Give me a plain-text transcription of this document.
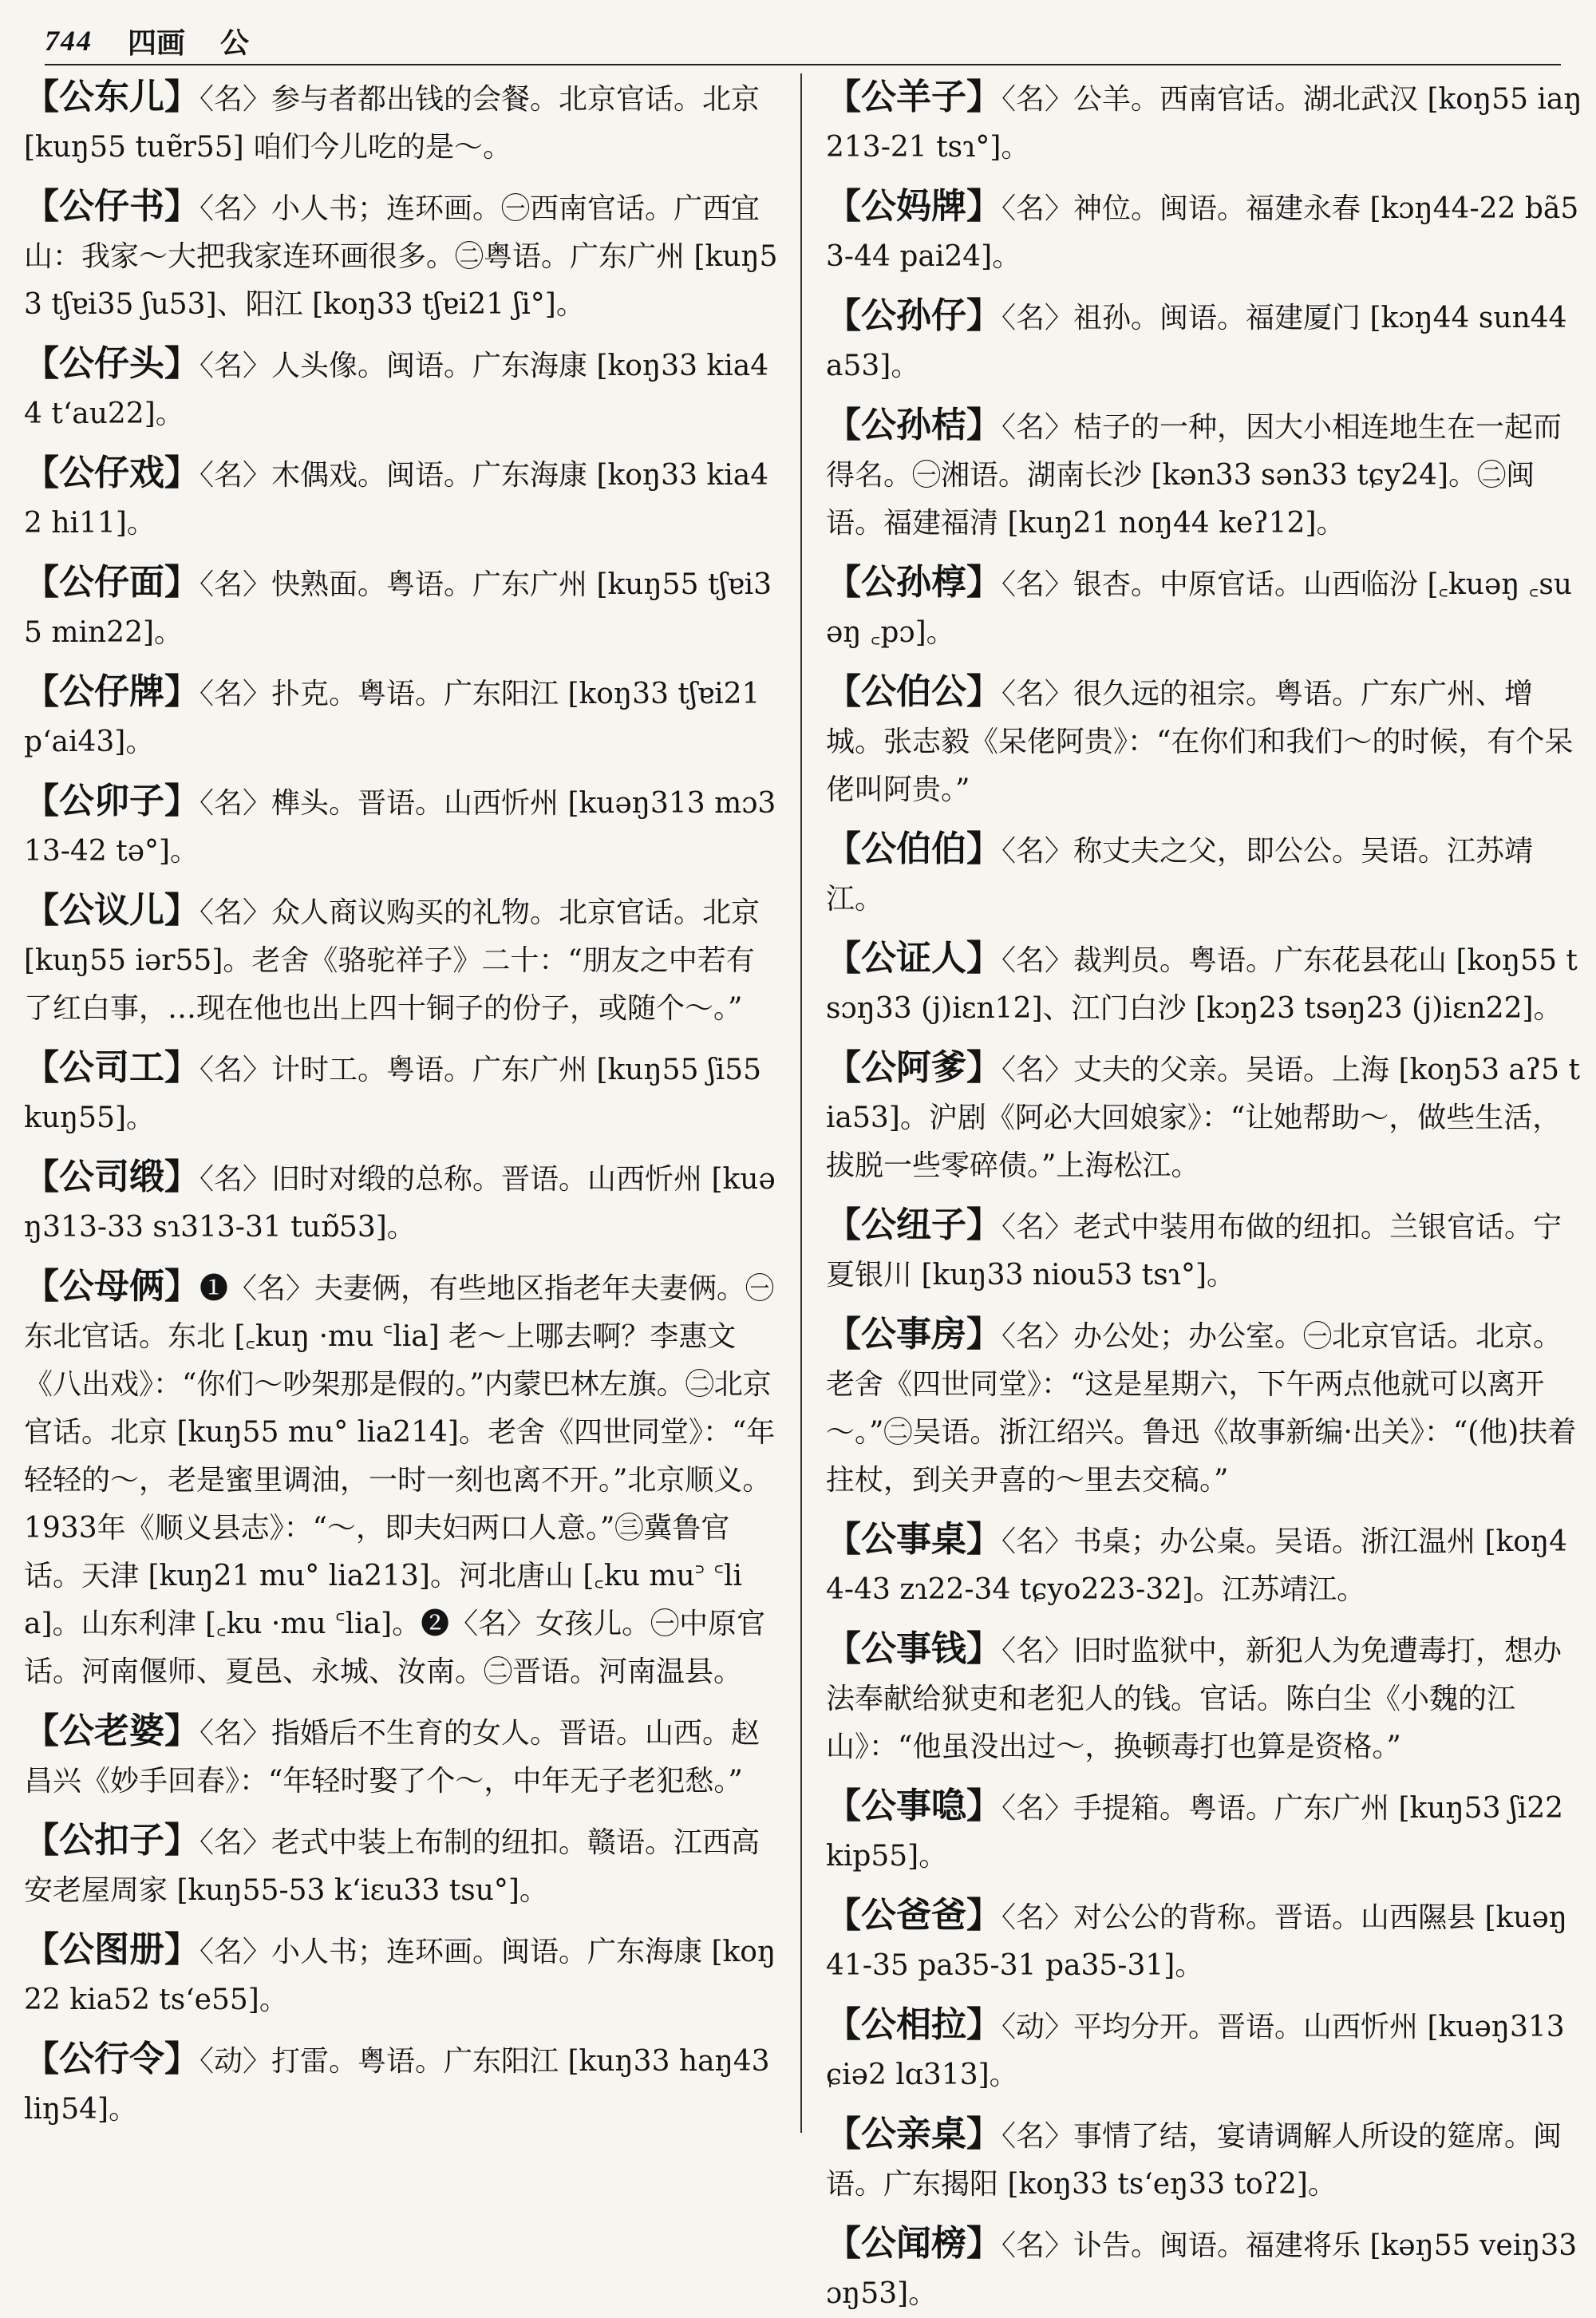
744 四画 公
【公东儿】〈名〉参与者都出钱的会餐。北京官话。北京 [kuŋ55 tuɐ̃r55] 咱们今儿吃的是～。
【公仔书】〈名〉小人书；连环画。㊀西南官话。广西宜山：我家～大把我家连环画很多。㊁粤语。广东广州 [kuŋ53 tʃɐi35 ʃu53]、阳江 [koŋ33 tʃɐi21 ʃi°]。
【公仔头】〈名〉人头像。闽语。广东海康 [koŋ33 kia44 t‘au22]。
【公仔戏】〈名〉木偶戏。闽语。广东海康 [koŋ33 kia42 hi11]。
【公仔面】〈名〉快熟面。粤语。广东广州 [kuŋ55 tʃɐi35 min22]。
【公仔牌】〈名〉扑克。粤语。广东阳江 [koŋ33 tʃɐi21 p‘ai43]。
【公卯子】〈名〉榫头。晋语。山西忻州 [kuəŋ313 mɔ313-42 tə°]。
【公议儿】〈名〉众人商议购买的礼物。北京官话。北京 [kuŋ55 iər55]。老舍《骆驼祥子》二十：“朋友之中若有了红白事，…现在他也出上四十铜子的份子，或随个～。”
【公司工】〈名〉计时工。粤语。广东广州 [kuŋ55 ʃi55 kuŋ55]。
【公司缎】〈名〉旧时对缎的总称。晋语。山西忻州 [kuəŋ313-33 sɿ313-31 tuɒ̃53]。
【公母俩】❶〈名〉夫妻俩，有些地区指老年夫妻俩。㊀东北官话。东北 [꜀kuŋ ·mu ꜂lia] 老～上哪去啊？李惠文《八出戏》：“你们～吵架那是假的。”内蒙巴林左旗。㊁北京官话。北京 [kuŋ55 mu° lia214]。老舍《四世同堂》：“年轻轻的～，老是蜜里调油，一时一刻也离不开。”北京顺义。1933年《顺义县志》：“～，即夫妇两口人意。”㊂冀鲁官话。天津 [kuŋ21 mu° lia213]。河北唐山 [꜀ku mu꜄ ꜂lia]。山东利津 [꜀ku ·mu ꜂lia]。❷〈名〉女孩儿。㊀中原官话。河南偃师、夏邑、永城、汝南。㊁晋语。河南温县。
【公老婆】〈名〉指婚后不生育的女人。晋语。山西。赵昌兴《妙手回春》：“年轻时娶了个～，中年无子老犯愁。”
【公扣子】〈名〉老式中装上布制的纽扣。赣语。江西高安老屋周家 [kuŋ55-53 k‘iɛu33 tsu°]。
【公图册】〈名〉小人书；连环画。闽语。广东海康 [koŋ22 kia52 ts‘e55]。
【公行令】〈动〉打雷。粤语。广东阳江 [kuŋ33 haŋ43 liŋ54]。
【公羊子】〈名〉公羊。西南官话。湖北武汉 [koŋ55 iaŋ213-21 tsɿ°]。
【公妈牌】〈名〉神位。闽语。福建永春 [kɔŋ44-22 bã53-44 pai24]。
【公孙仔】〈名〉祖孙。闽语。福建厦门 [kɔŋ44 sun44 a53]。
【公孙桔】〈名〉桔子的一种，因大小相连地生在一起而得名。㊀湘语。湖南长沙 [kən33 sən33 tɕy24]。㊁闽语。福建福清 [kuŋ21 noŋ44 keʔ12]。
【公孙椁】〈名〉银杏。中原官话。山西临汾 [꜀kuəŋ ꜀suəŋ ꜀pɔ]。
【公伯公】〈名〉很久远的祖宗。粤语。广东广州、增城。张志毅《呆佬阿贵》：“在你们和我们～的时候，有个呆佬叫阿贵。”
【公伯伯】〈名〉称丈夫之父，即公公。吴语。江苏靖江。
【公证人】〈名〉裁判员。粤语。广东花县花山 [koŋ55 tsɔŋ33 (j)iɛn12]、江门白沙 [kɔŋ23 tsəŋ23 (j)iɛn22]。
【公阿爹】〈名〉丈夫的父亲。吴语。上海 [koŋ53 aʔ5 tia53]。沪剧《阿必大回娘家》：“让她帮助～，做些生活，拔脱一些零碎债。”上海松江。
【公纽子】〈名〉老式中装用布做的纽扣。兰银官话。宁夏银川 [kuŋ33 niou53 tsɿ°]。
【公事房】〈名〉办公处；办公室。㊀北京官话。北京。老舍《四世同堂》：“这是星期六，下午两点他就可以离开～。”㊁吴语。浙江绍兴。鲁迅《故事新编·出关》：“(他)扶着拄杖，到关尹喜的～里去交稿。”
【公事桌】〈名〉书桌；办公桌。吴语。浙江温州 [koŋ44-43 zɿ22-34 tɕyo223-32]。江苏靖江。
【公事钱】〈名〉旧时监狱中，新犯人为免遭毒打，想办法奉献给狱吏和老犯人的钱。官话。陈白尘《小魏的江山》：“他虽没出过～，换顿毒打也算是资格。”
【公事喼】〈名〉手提箱。粤语。广东广州 [kuŋ53 ʃi22 kip55]。
【公爸爸】〈名〉对公公的背称。晋语。山西隰县 [kuəŋ41-35 pa35-31 pa35-31]。
【公相拉】〈动〉平均分开。晋语。山西忻州 [kuəŋ313 ɕiə2 lɑ313]。
【公亲桌】〈名〉事情了结，宴请调解人所设的筵席。闽语。广东揭阳 [koŋ33 ts‘eŋ33 toʔ2]。
【公闻榜】〈名〉讣告。闽语。福建将乐 [kəŋ55 veiŋ33 ɔŋ53]。
